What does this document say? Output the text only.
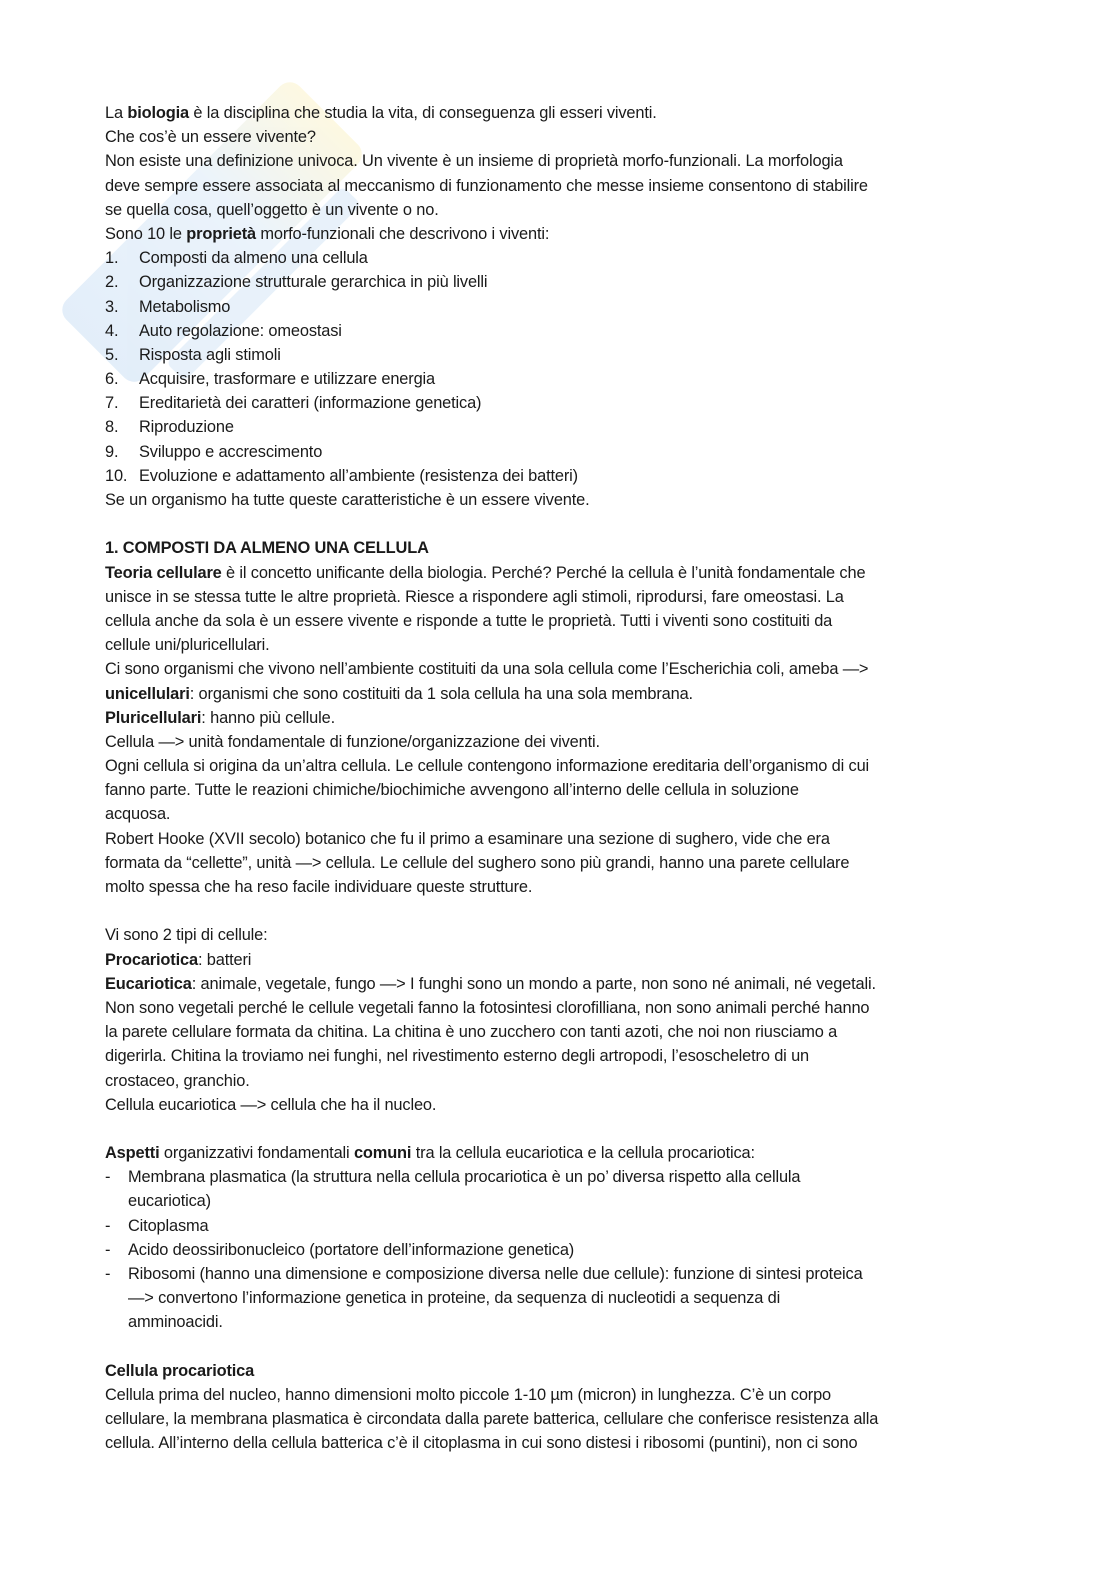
La biologia è la disciplina che studia la vita, di conseguenza gli esseri viventi.
Che cos’è un essere vivente?
Non esiste una definizione univoca. Un vivente è un insieme di proprietà morfo-funzionali. La morfologia
deve sempre essere associata al meccanismo di funzionamento che messe insieme consentono di stabilire
se quella cosa, quell’oggetto è un vivente o no.
Sono 10 le proprietà morfo-funzionali che descrivono i viventi:
1. Composti da almeno una cellula
2. Organizzazione strutturale gerarchica in più livelli
3. Metabolismo
4. Auto regolazione: omeostasi
5. Risposta agli stimoli
6. Acquisire, trasformare e utilizzare energia
7. Ereditarietà dei caratteri (informazione genetica)
8. Riproduzione
9. Sviluppo e accrescimento
10. Evoluzione e adattamento all’ambiente (resistenza dei batteri)
Se un organismo ha tutte queste caratteristiche è un essere vivente.
1. COMPOSTI DA ALMENO UNA CELLULA
Teoria cellulare è il concetto unificante della biologia. Perché? Perché la cellula è l’unità fondamentale che
unisce in se stessa tutte le altre proprietà. Riesce a rispondere agli stimoli, riprodursi, fare omeostasi. La
cellula anche da sola è un essere vivente e risponde a tutte le proprietà. Tutti i viventi sono costituiti da
cellule uni/pluricellulari.
Ci sono organismi che vivono nell’ambiente costituiti da una sola cellula come l’Escherichia coli, ameba —>
unicellulari: organismi che sono costituiti da 1 sola cellula ha una sola membrana.
Pluricellulari: hanno più cellule.
Cellula —> unità fondamentale di funzione/organizzazione dei viventi.
Ogni cellula si origina da un’altra cellula. Le cellule contengono informazione ereditaria dell’organismo di cui
fanno parte. Tutte le reazioni chimiche/biochimiche avvengono all’interno delle cellula in soluzione
acquosa.
Robert Hooke (XVII secolo) botanico che fu il primo a esaminare una sezione di sughero, vide che era
formata da “cellette”, unità —> cellula. Le cellule del sughero sono più grandi, hanno una parete cellulare
molto spessa che ha reso facile individuare queste strutture.
Vi sono 2 tipi di cellule:
Procariotica: batteri
Eucariotica: animale, vegetale, fungo —> I funghi sono un mondo a parte, non sono né animali, né vegetali.
Non sono vegetali perché le cellule vegetali fanno la fotosintesi clorofilliana, non sono animali perché hanno
la parete cellulare formata da chitina. La chitina è uno zucchero con tanti azoti, che noi non riusciamo a
digerirla. Chitina la troviamo nei funghi, nel rivestimento esterno degli artropodi, l’esoscheletro di un
crostaceo, granchio.
Cellula eucariotica —> cellula che ha il nucleo.
Aspetti organizzativi fondamentali comuni tra la cellula eucariotica e la cellula procariotica:
- Membrana plasmatica (la struttura nella cellula procariotica è un po’ diversa rispetto alla cellula
eucariotica)
- Citoplasma
- Acido deossiribonucleico (portatore dell’informazione genetica)
- Ribosomi (hanno una dimensione e composizione diversa nelle due cellule): funzione di sintesi proteica
—> convertono l’informazione genetica in proteine, da sequenza di nucleotidi a sequenza di
amminoacidi.
Cellula procariotica
Cellula prima del nucleo, hanno dimensioni molto piccole 1-10 µm (micron) in lunghezza. C’è un corpo
cellulare, la membrana plasmatica è circondata dalla parete batterica, cellulare che conferisce resistenza alla
cellula. All’interno della cellula batterica c’è il citoplasma in cui sono distesi i ribosomi (puntini), non ci sono
